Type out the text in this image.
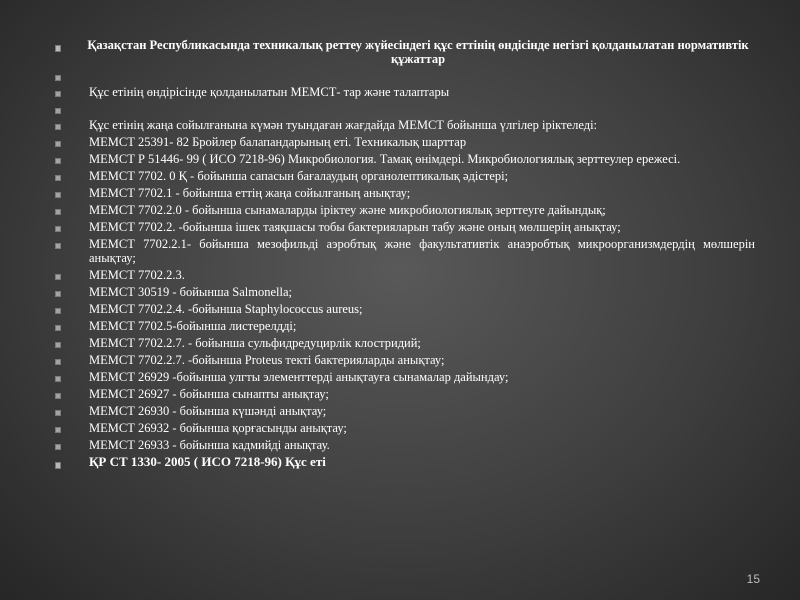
Қазақстан Республикасында техникалық реттеу жүйесіндегі құс еттінің өндісінде негізгі қолданылатан нормативтік құжаттар
Құс етінің өндірісінде қолданылатын МЕМСТ- тар және талаптары
Құс етінің жаңа сойылғанына күмән туындаған жағдайда МЕМСТ бойынша үлгілер іріктеледі:
МЕМСТ 25391- 82 Бройлер балапандарының еті. Техникалық шарттар
МЕМСТ Р 51446- 99 ( ИСО 7218-96) Микробиология. Тамақ өнімдері. Микробиологиялық зерттеулер ережесі.
МЕМСТ 7702. 0 Қ - бойынша сапасын бағалаудың органолептикалық әдістері;
МЕМСТ 7702.1 - бойынша еттің жаңа сойылғаның анықтау;
МЕМСТ 7702.2.0 - бойынша сынамаларды іріктеу және микробиологиялық зерттеуге дайындық;
МЕМСТ 7702.2. -бойынша ішек таяқшасы тобы бактерияларын табу және оның мөлшерің анықтау;
МЕМСТ 7702.2.1- бойынша мезофильді аэробтық және факультативтік анаэробтық микроорганизмдердің мөлшерін анықтау;
МЕМСТ 7702.2.3.
МЕМСТ 30519 - бойынша Salmonella;
МЕМСТ 7702.2.4. -бойынша Staphylococcus aureus;
МЕМСТ 7702.5-бойынша листерелдді;
МЕМСТ 7702.2.7. - бойынша сульфидредуцирлік клостридий;
МЕМСТ 7702.2.7. -бойынша Proteus текті бактерияларды анықтау;
МЕМСТ 26929 -бойынша улгты элементтерді анықтауға сынамалар дайындау;
МЕМСТ 26927 - бойынша сынапты анықтау;
МЕМСТ 26930 - бойынша күшәнді анықтау;
МЕМСТ 26932 - бойынша қорғасынды анықтау;
МЕМСТ 26933 - бойынша кадмийді анықтау.
ҚР СТ 1330- 2005 ( ИСО 7218-96) Құс еті
15
